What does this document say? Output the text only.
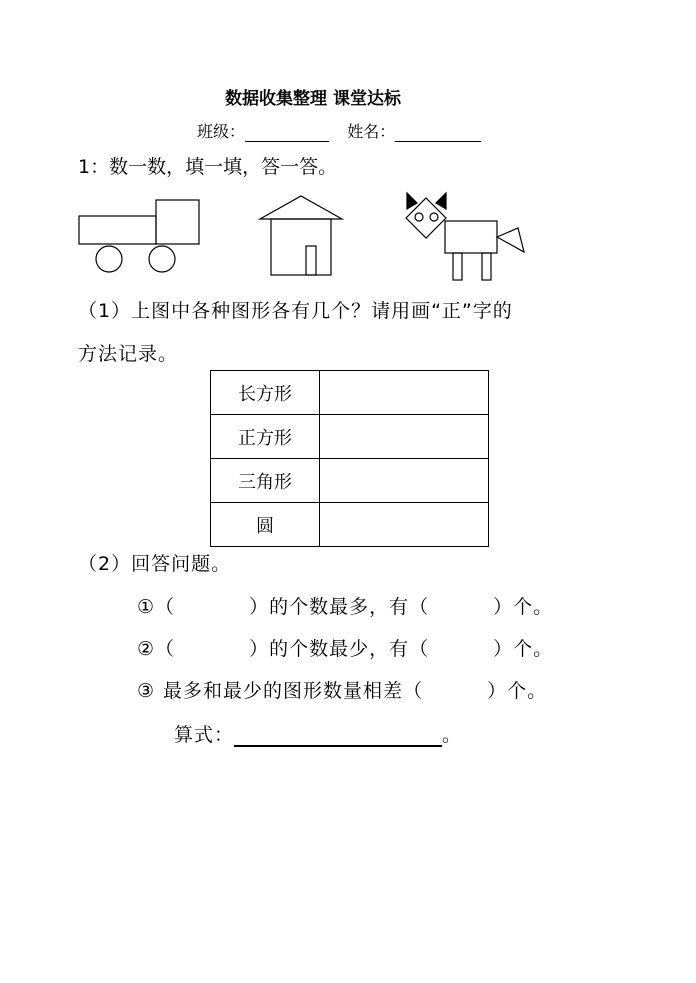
数据收集整理 课堂达标
班级：	姓名：
1：数一数，填一填，答一答。
（1）上图中各种图形各有几个？请用画“正”字的
方法记录。
长方形	
正方形	
三角形	
圆	
（2）回答问题。
①（	）的个数最多，有（	）个。
②（	）的个数最少，有（	）个。
③ 最多和最少的图形数量相差（	）个。
算式：	。
